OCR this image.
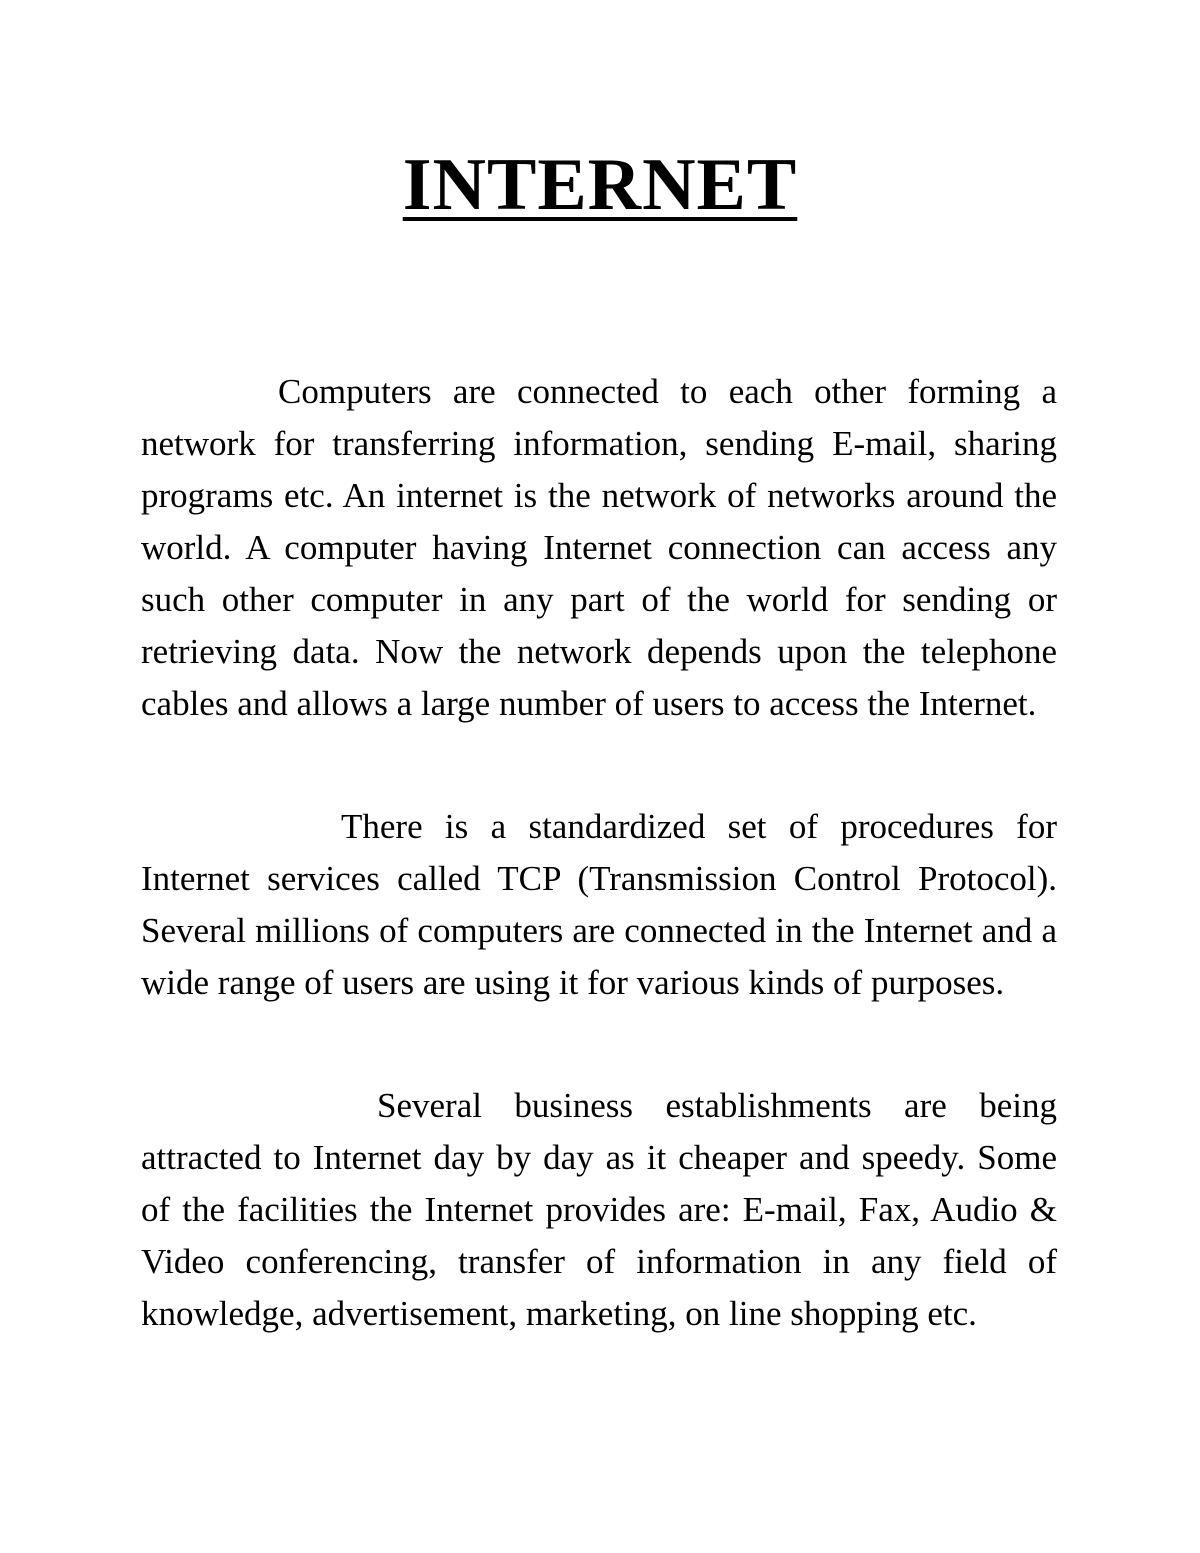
INTERNET

Computers are connected to each other forming a network for transferring information, sending E-mail, sharing programs etc. An internet is the network of networks around the world. A computer having Internet connection can access any such other computer in any part of the world for sending or retrieving data. Now the network depends upon the telephone cables and allows a large number of users to access the Internet.

There is a standardized set of procedures for Internet services called TCP (Transmission Control Protocol). Several millions of computers are connected in the Internet and a wide range of users are using it for various kinds of purposes.

Several business establishments are being attracted to Internet day by day as it cheaper and speedy. Some of the facilities the Internet provides are: E-mail, Fax, Audio & Video conferencing, transfer of information in any field of knowledge, advertisement, marketing, on line shopping etc.
